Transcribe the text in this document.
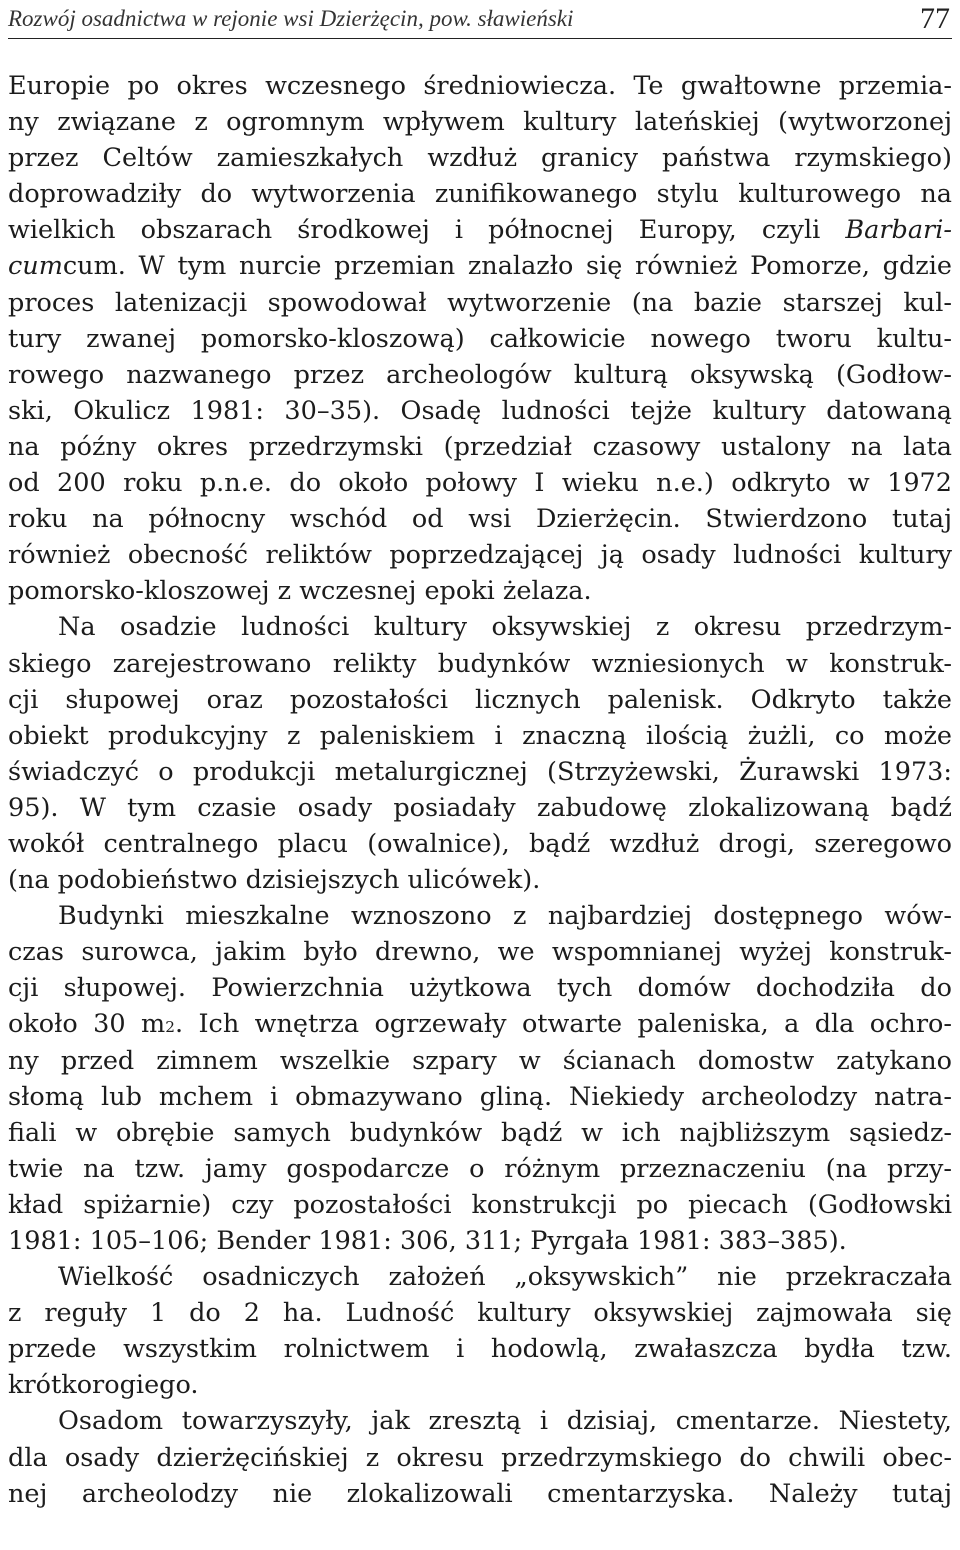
Rozwój osadnictwa w rejonie wsi Dzierżęcin, pow. sławieński	77
Europie po okres wczesnego średniowiecza. Te gwałtowne przemia-
ny związane z ogromnym wpływem kultury lateńskiej (wytworzonej
przez Celtów zamieszkałych wzdłuż granicy państwa rzymskiego)
doprowadziły do wytworzenia zunifikowanego stylu kulturowego na
wielkich obszarach środkowej i północnej Europy, czyli Barbari-
cumcum. W tym nurcie przemian znalazło się również Pomorze, gdzie
proces latenizacji spowodował wytworzenie (na bazie starszej kul-
tury zwanej pomorsko-kloszową) całkowicie nowego tworu kultu-
rowego nazwanego przez archeologów kulturą oksywską (Godłow-
ski, Okulicz 1981: 30–35). Osadę ludności tejże kultury datowaną
na późny okres przedrzymski (przedział czasowy ustalony na lata
od 200 roku p.n.e. do około połowy I wieku n.e.) odkryto w 1972
roku na północny wschód od wsi Dzierżęcin. Stwierdzono tutaj
również obecność reliktów poprzedzającej ją osady ludności kultury
pomorsko-kloszowej z wczesnej epoki żelaza.
Na osadzie ludności kultury oksywskiej z okresu przedrzym-
skiego zarejestrowano relikty budynków wzniesionych w konstruk-
cji słupowej oraz pozostałości licznych palenisk. Odkryto także
obiekt produkcyjny z paleniskiem i znaczną ilością żużli, co może
świadczyć o produkcji metalurgicznej (Strzyżewski, Żurawski 1973:
95). W tym czasie osady posiadały zabudowę zlokalizowaną bądź
wokół centralnego placu (owalnice), bądź wzdłuż drogi, szeregowo
(na podobieństwo dzisiejszych ulicówek).
Budynki mieszkalne wznoszono z najbardziej dostępnego wów-
czas surowca, jakim było drewno, we wspomnianej wyżej konstruk-
cji słupowej. Powierzchnia użytkowa tych domów dochodziła do
około 30 $m^2$. Ich wnętrza ogrzewały otwarte paleniska, a dla ochro-
ny przed zimnem wszelkie szpary w ścianach domostw zatykano
słomą lub mchem i obmazywano gliną. Niekiedy archeolodzy natra-
fiali w obrębie samych budynków bądź w ich najbliższym sąsiedz-
twie na tzw. jamy gospodarcze o różnym przeznaczeniu (na przy-
kład spiżarnie) czy pozostałości konstrukcji po piecach (Godłowski
1981: 105–106; Bender 1981: 306, 311; Pyrgała 1981: 383–385).
Wielkość osadniczych założeń „oksywskich” nie przekraczała
z reguły 1 do 2 ha. Ludność kultury oksywskiej zajmowała się
przede wszystkim rolnictwem i hodowlą, zwałaszcza bydła tzw.
krótkorogiego.
Osadom towarzyszyły, jak zresztą i dzisiaj, cmentarze. Niestety,
dla osady dzierżęcińskiej z okresu przedrzymskiego do chwili obec-
nej archeolodzy nie zlokalizowali cmentarzyska. Należy tutaj
